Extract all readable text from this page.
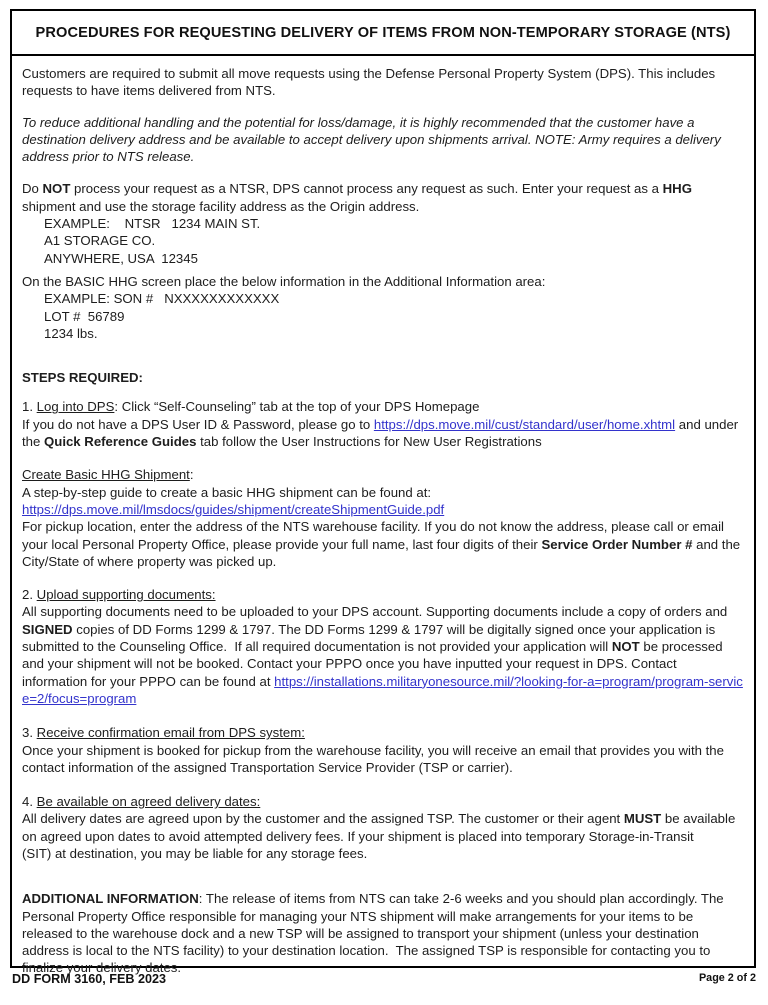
PROCEDURES FOR REQUESTING DELIVERY OF ITEMS FROM NON-TEMPORARY STORAGE (NTS)
Customers are required to submit all move requests using the Defense Personal Property System (DPS). This includes requests to have items delivered from NTS.
To reduce additional handling and the potential for loss/damage, it is highly recommended that the customer have a destination delivery address and be available to accept delivery upon shipments arrival. NOTE: Army requires a delivery address prior to NTS release.
Do NOT process your request as a NTSR, DPS cannot process any request as such. Enter your request as a HHG shipment and use the storage facility address as the Origin address.
EXAMPLE:    NTSR   1234 MAIN ST.
A1 STORAGE CO.
ANYWHERE, USA  12345
On the BASIC HHG screen place the below information in the Additional Information area:
EXAMPLE: SON #   NXXXXXXXXXXXX
LOT #  56789
1234 lbs.
STEPS REQUIRED:
1. Log into DPS: Click “Self-Counseling” tab at the top of your DPS Homepage
If you do not have a DPS User ID & Password, please go to https://dps.move.mil/cust/standard/user/home.xhtml and under the Quick Reference Guides tab follow the User Instructions for New User Registrations
Create Basic HHG Shipment:
A step-by-step guide to create a basic HHG shipment can be found at:
https://dps.move.mil/lmsdocs/guides/shipment/createShipmentGuide.pdf
For pickup location, enter the address of the NTS warehouse facility. If you do not know the address, please call or email your local Personal Property Office, please provide your full name, last four digits of their Service Order Number # and the City/State of where property was picked up.
2. Upload supporting documents:
All supporting documents need to be uploaded to your DPS account. Supporting documents include a copy of orders and SIGNED copies of DD Forms 1299 & 1797. The DD Forms 1299 & 1797 will be digitally signed once your application is submitted to the Counseling Office.  If all required documentation is not provided your application will NOT be processed and your shipment will not be booked. Contact your PPPO once you have inputted your request in DPS. Contact information for your PPPO can be found at https://installations.militaryonesource.mil/?looking-for-a=program/program-service=2/focus=program
3. Receive confirmation email from DPS system:
Once your shipment is booked for pickup from the warehouse facility, you will receive an email that provides you with the contact information of the assigned Transportation Service Provider (TSP or carrier).
4. Be available on agreed delivery dates:
All delivery dates are agreed upon by the customer and the assigned TSP. The customer or their agent MUST be available on agreed upon dates to avoid attempted delivery fees. If your shipment is placed into temporary Storage-in-Transit
(SIT) at destination, you may be liable for any storage fees.
ADDITIONAL INFORMATION: The release of items from NTS can take 2-6 weeks and you should plan accordingly. The Personal Property Office responsible for managing your NTS shipment will make arrangements for your items to be released to the warehouse dock and a new TSP will be assigned to transport your shipment (unless your destination address is local to the NTS facility) to your destination location.  The assigned TSP is responsible for contacting you to finalize your delivery dates.
DD FORM 3160, FEB 2023	Page 2 of 2
